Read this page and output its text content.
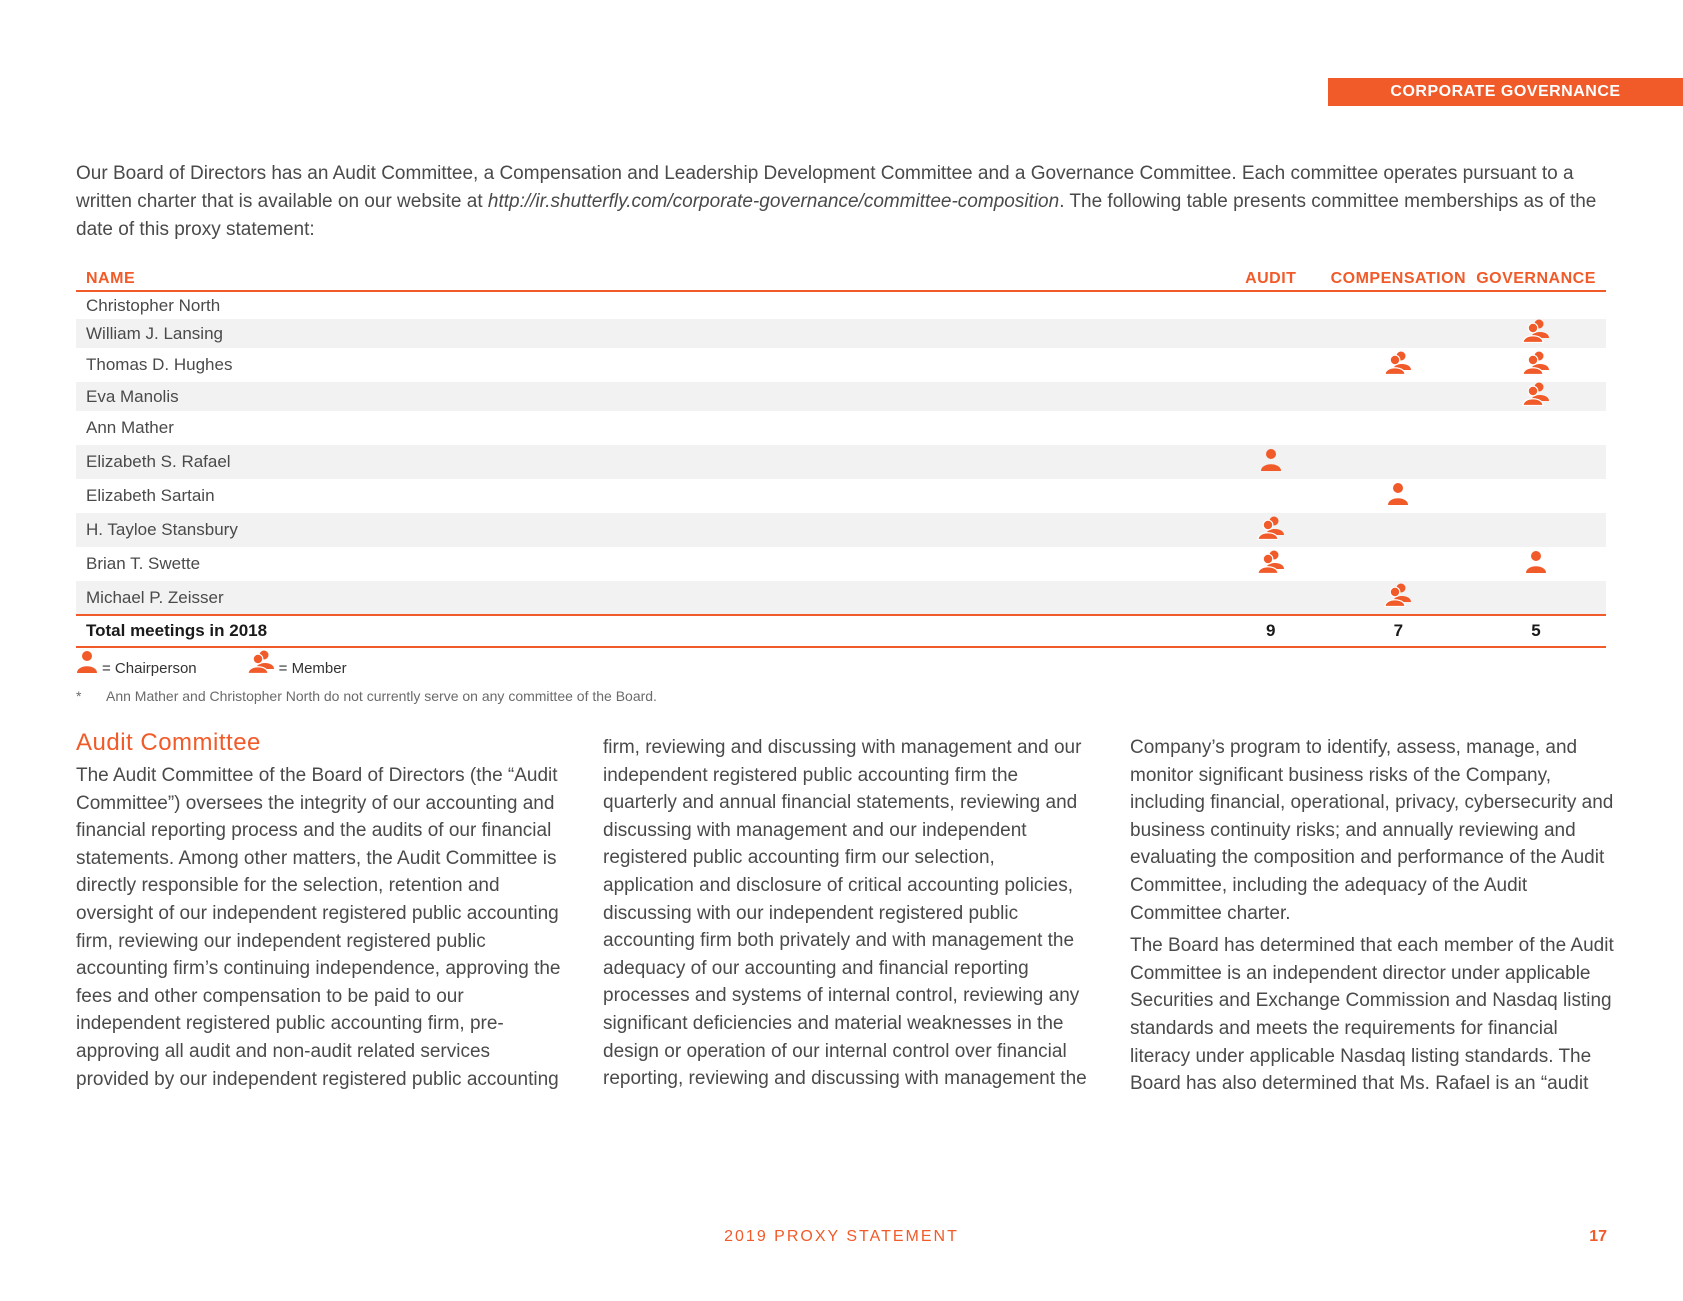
CORPORATE GOVERNANCE

Our Board of Directors has an Audit Committee, a Compensation and Leadership Development Committee and a Governance Committee. Each committee operates pursuant to a written charter that is available on our website at http://ir.shutterfly.com/corporate-governance/committee-composition. The following table presents committee memberships as of the date of this proxy statement:

NAME	AUDIT	COMPENSATION	GOVERNANCE
Christopher North			
William J. Lansing			
Thomas D. Hughes			
Eva Manolis			
Ann Mather			
Elizabeth S. Rafael			
Elizabeth Sartain			
H. Tayloe Stansbury			
Brian T. Swette			
Michael P. Zeisser			
Total meetings in 2018	9	7	5
= Chairperson	= Member
* Ann Mather and Christopher North do not currently serve on any committee of the Board.
Audit Committee

The Audit Committee of the Board of Directors (the “Audit Committee”) oversees the integrity of our accounting and financial reporting process and the audits of our financial statements. Among other matters, the Audit Committee is directly responsible for the selection, retention and oversight of our independent registered public accounting firm, reviewing our independent registered public accounting firm’s continuing independence, approving the fees and other compensation to be paid to our independent registered public accounting firm, pre-approving all audit and non-audit related services provided by our independent registered public accounting

firm, reviewing and discussing with management and our independent registered public accounting firm the quarterly and annual financial statements, reviewing and discussing with management and our independent registered public accounting firm our selection, application and disclosure of critical accounting policies, discussing with our independent registered public accounting firm both privately and with management the adequacy of our accounting and financial reporting processes and systems of internal control, reviewing any significant deficiencies and material weaknesses in the design or operation of our internal control over financial reporting, reviewing and discussing with management the

Company’s program to identify, assess, manage, and monitor significant business risks of the Company, including financial, operational, privacy, cybersecurity and business continuity risks; and annually reviewing and evaluating the composition and performance of the Audit Committee, including the adequacy of the Audit Committee charter.

The Board has determined that each member of the Audit Committee is an independent director under applicable Securities and Exchange Commission and Nasdaq listing standards and meets the requirements for financial literacy under applicable Nasdaq listing standards. The Board has also determined that Ms. Rafael is an “audit

2019 PROXY STATEMENT	17
